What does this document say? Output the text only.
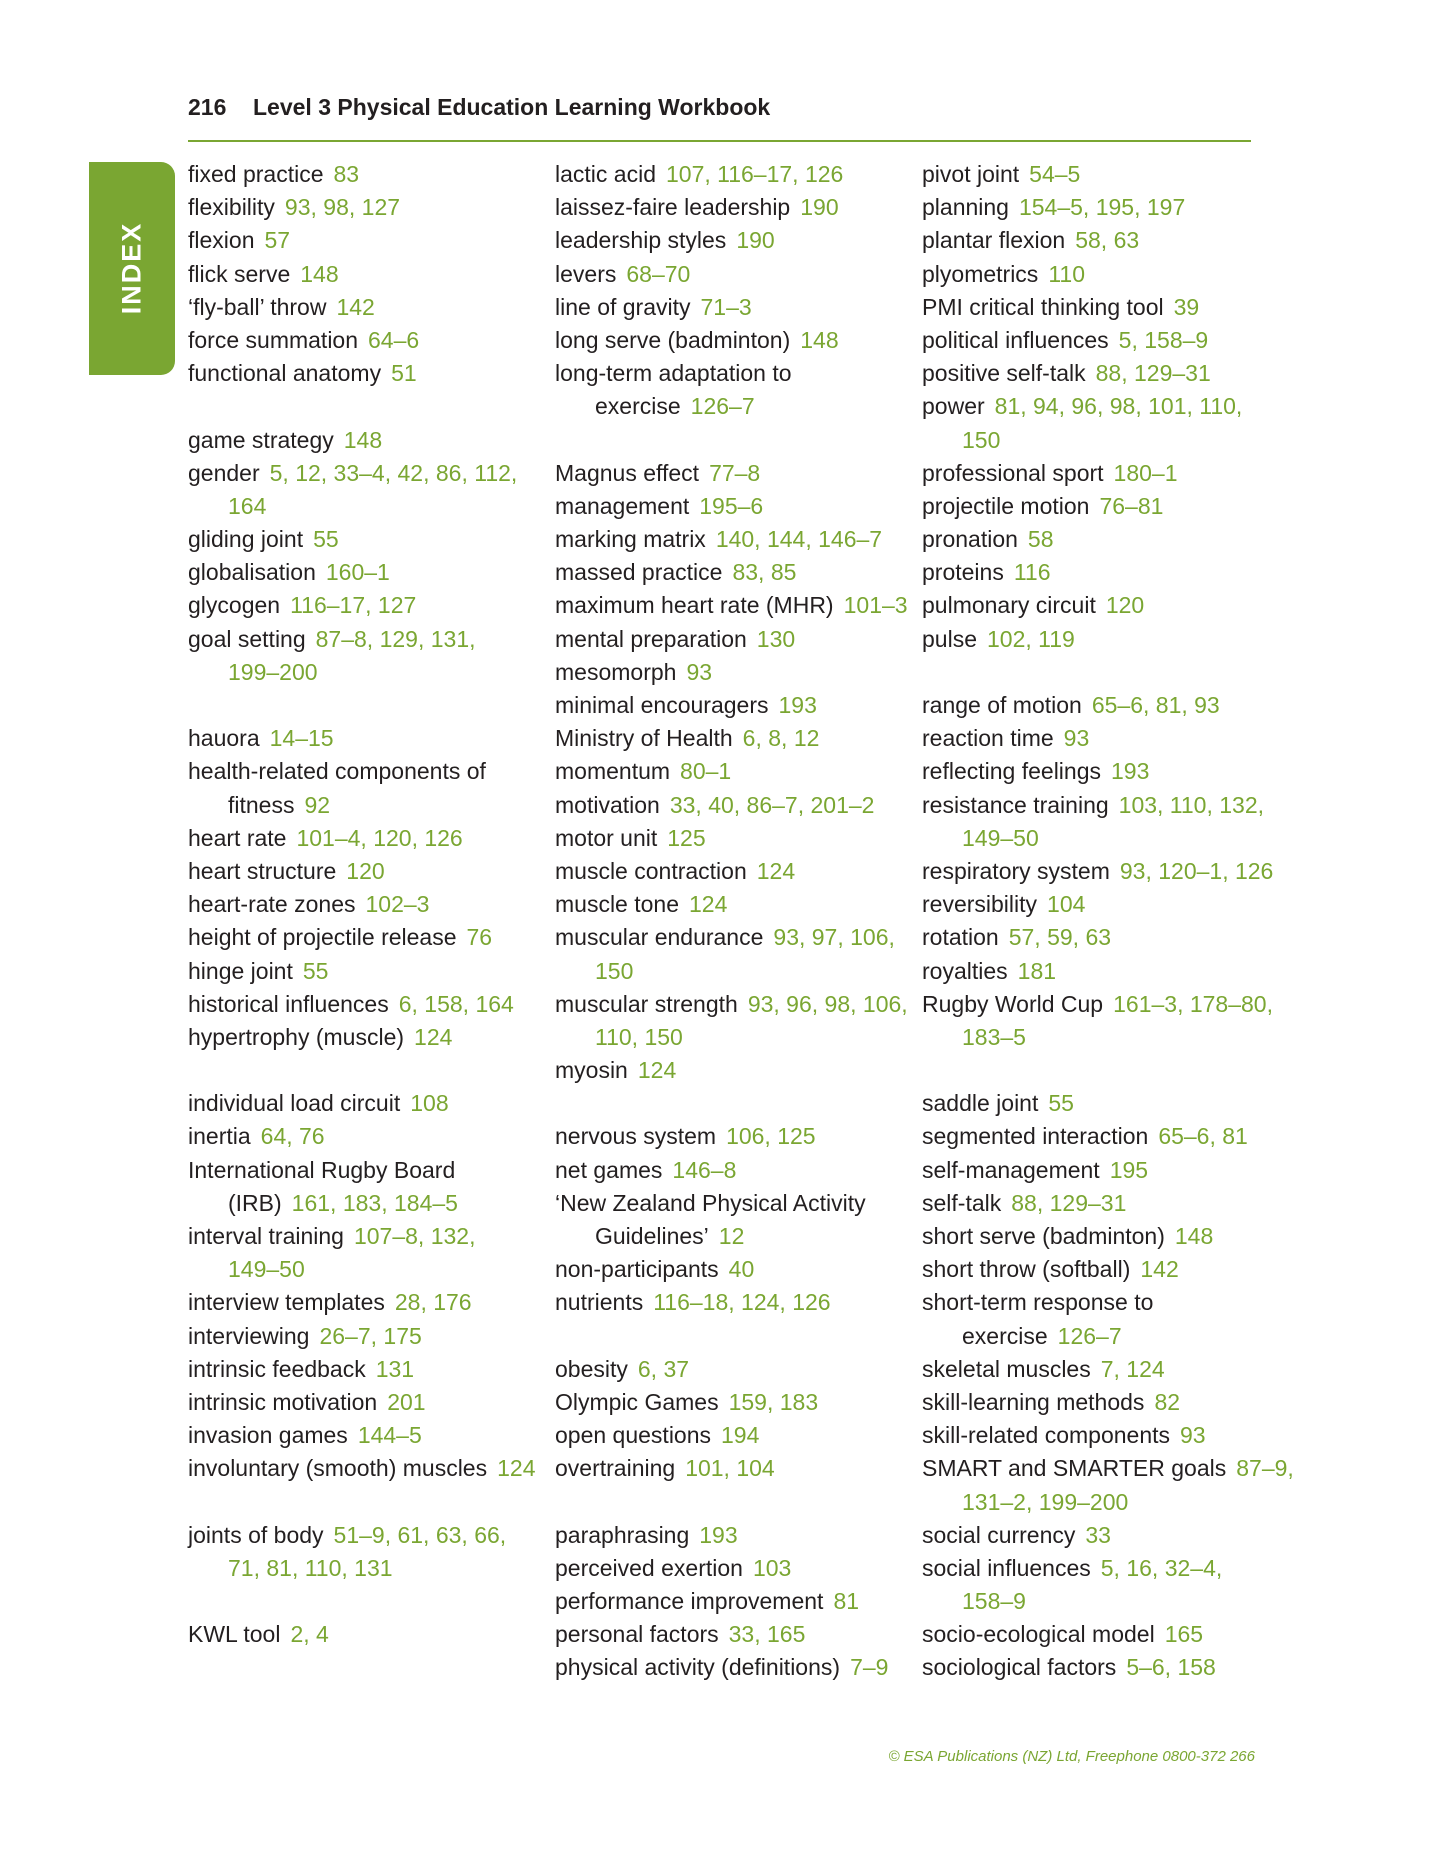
216 Level 3 Physical Education Learning Workbook
INDEX
fixed practice 83
flexibility 93, 98, 127
flexion 57
flick serve 148
‘fly-ball’ throw 142
force summation 64–6
functional anatomy 51
game strategy 148
gender 5, 12, 33–4, 42, 86, 112,
164
gliding joint 55
globalisation 160–1
glycogen 116–17, 127
goal setting 87–8, 129, 131,
199–200
hauora 14–15
health-related components of
fitness 92
heart rate 101–4, 120, 126
heart structure 120
heart-rate zones 102–3
height of projectile release 76
hinge joint 55
historical influences 6, 158, 164
hypertrophy (muscle) 124
individual load circuit 108
inertia 64, 76
International Rugby Board
(IRB) 161, 183, 184–5
interval training 107–8, 132,
149–50
interview templates 28, 176
interviewing 26–7, 175
intrinsic feedback 131
intrinsic motivation 201
invasion games 144–5
involuntary (smooth) muscles 124
joints of body 51–9, 61, 63, 66,
71, 81, 110, 131
KWL tool 2, 4
lactic acid 107, 116–17, 126
laissez-faire leadership 190
leadership styles 190
levers 68–70
line of gravity 71–3
long serve (badminton) 148
long-term adaptation to
exercise 126–7
Magnus effect 77–8
management 195–6
marking matrix 140, 144, 146–7
massed practice 83, 85
maximum heart rate (MHR) 101–3
mental preparation 130
mesomorph 93
minimal encouragers 193
Ministry of Health 6, 8, 12
momentum 80–1
motivation 33, 40, 86–7, 201–2
motor unit 125
muscle contraction 124
muscle tone 124
muscular endurance 93, 97, 106,
150
muscular strength 93, 96, 98, 106,
110, 150
myosin 124
nervous system 106, 125
net games 146–8
‘New Zealand Physical Activity
Guidelines’ 12
non-participants 40
nutrients 116–18, 124, 126
obesity 6, 37
Olympic Games 159, 183
open questions 194
overtraining 101, 104
paraphrasing 193
perceived exertion 103
performance improvement 81
personal factors 33, 165
physical activity (definitions) 7–9
pivot joint 54–5
planning 154–5, 195, 197
plantar flexion 58, 63
plyometrics 110
PMI critical thinking tool 39
political influences 5, 158–9
positive self-talk 88, 129–31
power 81, 94, 96, 98, 101, 110,
150
professional sport 180–1
projectile motion 76–81
pronation 58
proteins 116
pulmonary circuit 120
pulse 102, 119
range of motion 65–6, 81, 93
reaction time 93
reflecting feelings 193
resistance training 103, 110, 132,
149–50
respiratory system 93, 120–1, 126
reversibility 104
rotation 57, 59, 63
royalties 181
Rugby World Cup 161–3, 178–80,
183–5
saddle joint 55
segmented interaction 65–6, 81
self-management 195
self-talk 88, 129–31
short serve (badminton) 148
short throw (softball) 142
short-term response to
exercise 126–7
skeletal muscles 7, 124
skill-learning methods 82
skill-related components 93
SMART and SMARTER goals 87–9,
131–2, 199–200
social currency 33
social influences 5, 16, 32–4,
158–9
socio-ecological model 165
sociological factors 5–6, 158
© ESA Publications (NZ) Ltd, Freephone 0800-372 266
